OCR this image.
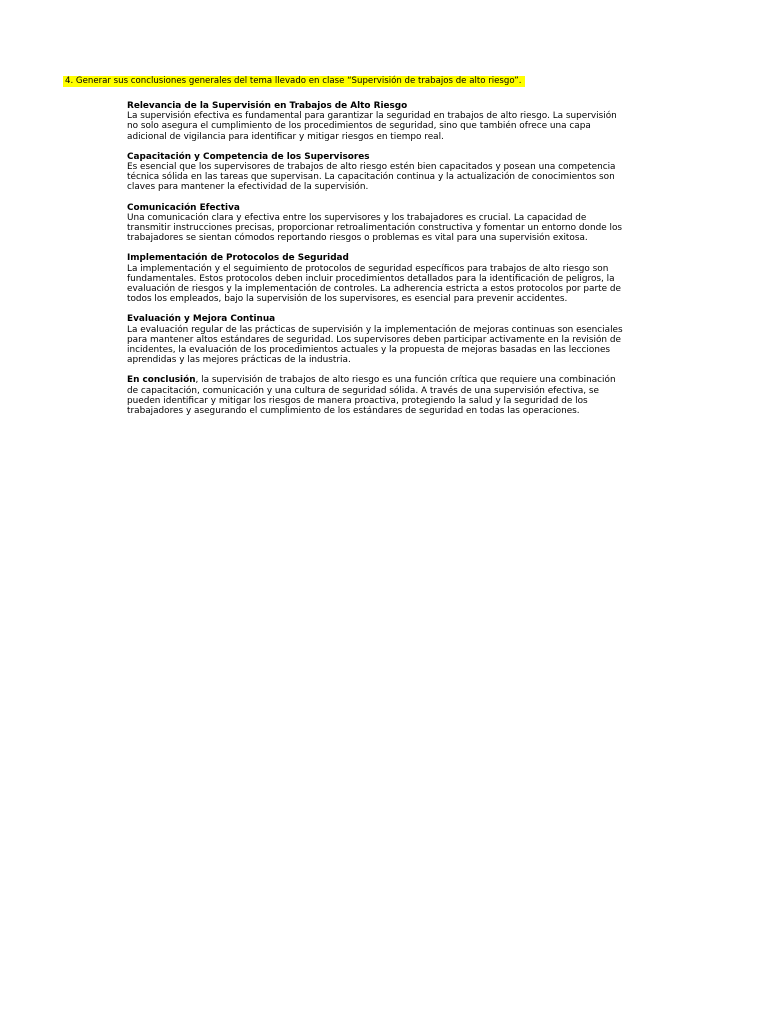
4. Generar sus conclusiones generales del tema llevado en clase “Supervisión de trabajos de alto riesgo”.
Relevancia de la Supervisión en Trabajos de Alto Riesgo
La supervisión efectiva es fundamental para garantizar la seguridad en trabajos de alto riesgo. La supervisión no solo asegura el cumplimiento de los procedimientos de seguridad, sino que también ofrece una capa adicional de vigilancia para identificar y mitigar riesgos en tiempo real.
Capacitación y Competencia de los Supervisores
Es esencial que los supervisores de trabajos de alto riesgo estén bien capacitados y posean una competencia técnica sólida en las tareas que supervisan. La capacitación continua y la actualización de conocimientos son claves para mantener la efectividad de la supervisión.
Comunicación Efectiva
Una comunicación clara y efectiva entre los supervisores y los trabajadores es crucial. La capacidad de transmitir instrucciones precisas, proporcionar retroalimentación constructiva y fomentar un entorno donde los trabajadores se sientan cómodos reportando riesgos o problemas es vital para una supervisión exitosa.
Implementación de Protocolos de Seguridad
La implementación y el seguimiento de protocolos de seguridad específicos para trabajos de alto riesgo son fundamentales. Estos protocolos deben incluir procedimientos detallados para la identificación de peligros, la evaluación de riesgos y la implementación de controles. La adherencia estricta a estos protocolos por parte de todos los empleados, bajo la supervisión de los supervisores, es esencial para prevenir accidentes.
Evaluación y Mejora Continua
La evaluación regular de las prácticas de supervisión y la implementación de mejoras continuas son esenciales para mantener altos estándares de seguridad. Los supervisores deben participar activamente en la revisión de incidentes, la evaluación de los procedimientos actuales y la propuesta de mejoras basadas en las lecciones aprendidas y las mejores prácticas de la industria.
En conclusión, la supervisión de trabajos de alto riesgo es una función crítica que requiere una combinación de capacitación, comunicación y una cultura de seguridad sólida. A través de una supervisión efectiva, se pueden identificar y mitigar los riesgos de manera proactiva, protegiendo la salud y la seguridad de los trabajadores y asegurando el cumplimiento de los estándares de seguridad en todas las operaciones.
